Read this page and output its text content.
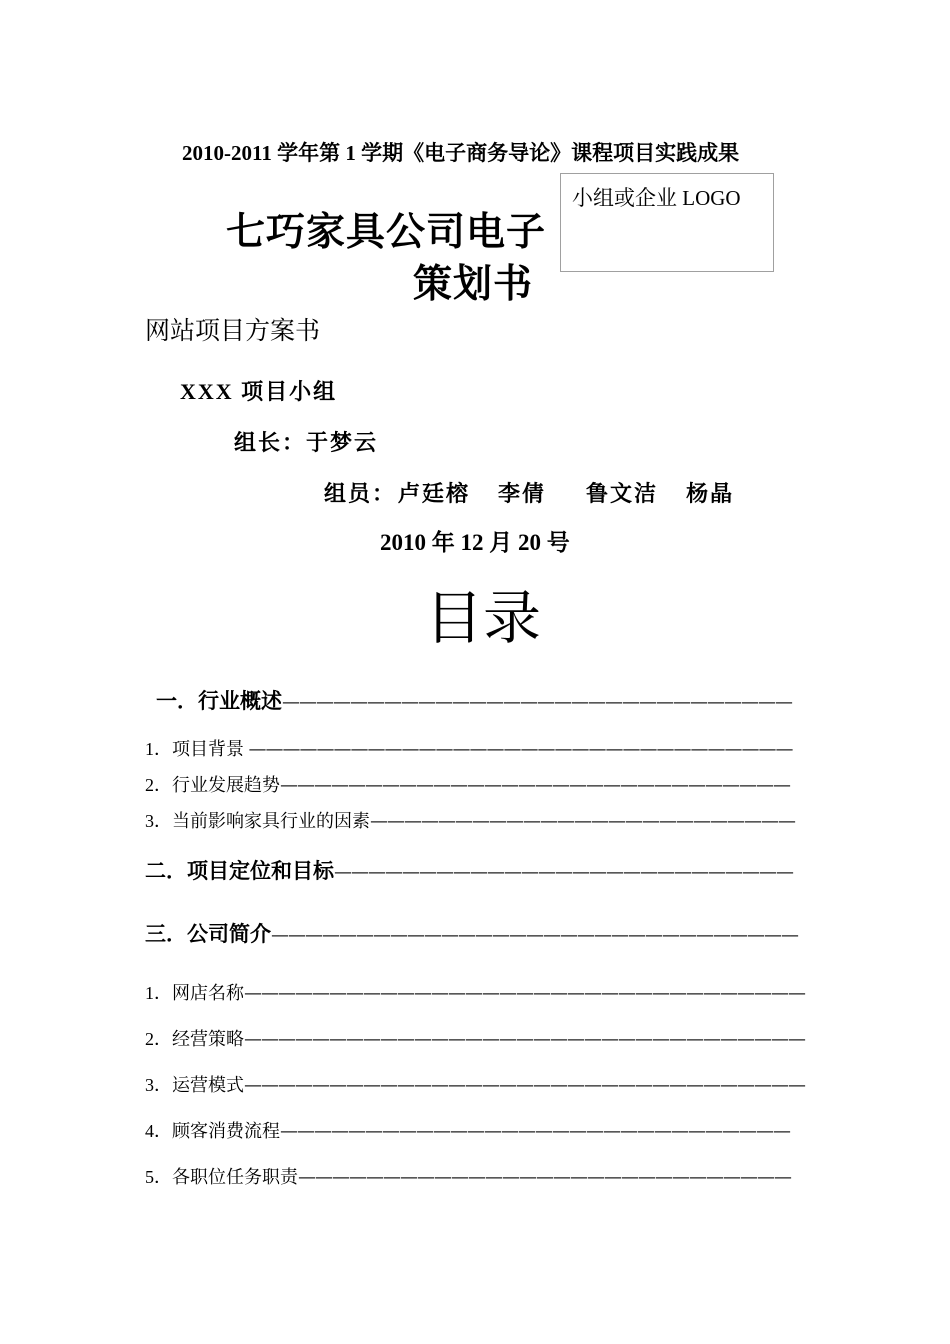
2010-2011 学年第 1 学期《电子商务导论》课程项目实践成果
小组或企业 LOGO
七巧家具公司电子
策划书
网站项目方案书
XXX 项目小组
组长：于梦云
组员：卢廷榕 李倩 鲁文洁 杨晶
2010 年 12 月 20 号
目录
一．行业概述——————————————————————————————
1．项目背景 ————————————————————————————————
2．行业发展趋势——————————————————————————————
3．当前影响家具行业的因素—————————————————————————
二．项目定位和目标———————————————————————————
三．公司简介———————————————————————————————
1．网店名称—————————————————————————————————
2．经营策略—————————————————————————————————
3．运营模式—————————————————————————————————
4．顾客消费流程——————————————————————————————
5．各职位任务职责—————————————————————————————
